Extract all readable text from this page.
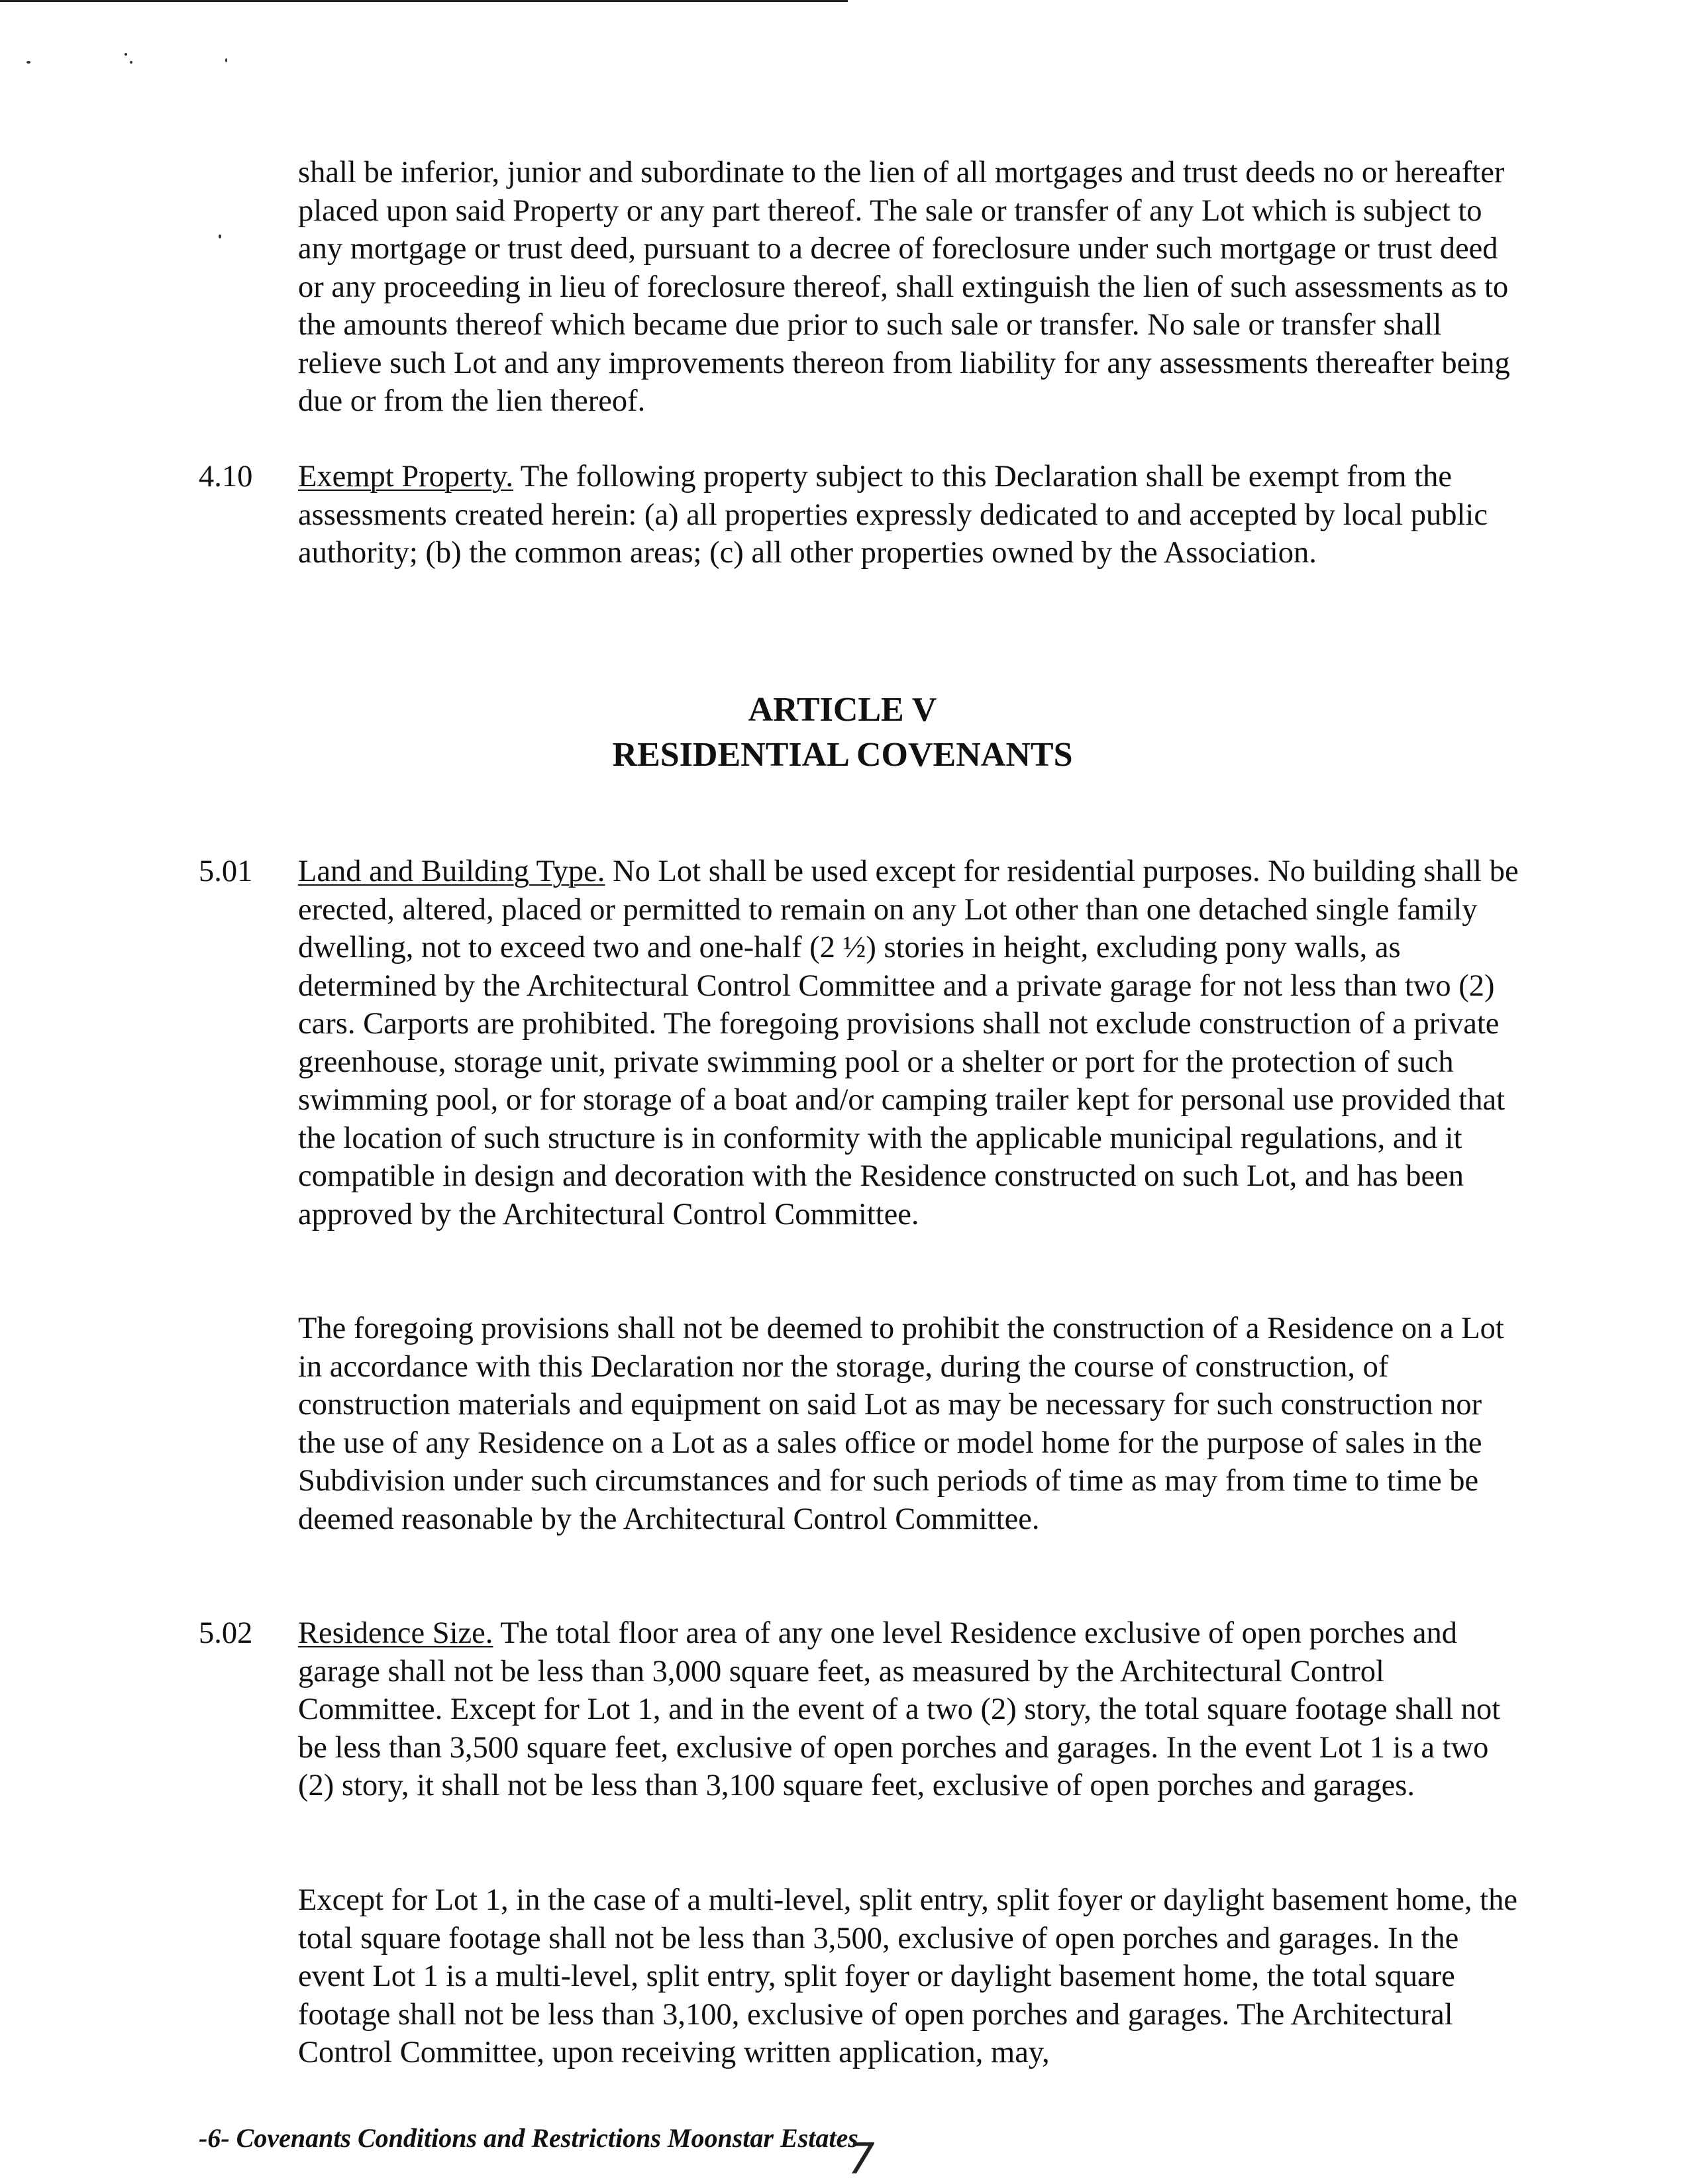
shall be inferior, junior and subordinate to the lien of all mortgages and trust deeds no or hereafter placed upon said Property or any part thereof. The sale or transfer of any Lot which is subject to any mortgage or trust deed, pursuant to a decree of foreclosure under such mortgage or trust deed or any proceeding in lieu of foreclosure thereof, shall extinguish the lien of such assessments as to the amounts thereof which became due prior to such sale or transfer. No sale or transfer shall relieve such Lot and any improvements thereon from liability for any assessments thereafter being due or from the lien thereof.

4.10 Exempt Property. The following property subject to this Declaration shall be exempt from the assessments created herein: (a) all properties expressly dedicated to and accepted by local public authority; (b) the common areas; (c) all other properties owned by the Association.

ARTICLE V
RESIDENTIAL COVENANTS

5.01 Land and Building Type. No Lot shall be used except for residential purposes. No building shall be erected, altered, placed or permitted to remain on any Lot other than one detached single family dwelling, not to exceed two and one-half (2 ½) stories in height, excluding pony walls, as determined by the Architectural Control Committee and a private garage for not less than two (2) cars. Carports are prohibited. The foregoing provisions shall not exclude construction of a private greenhouse, storage unit, private swimming pool or a shelter or port for the protection of such swimming pool, or for storage of a boat and/or camping trailer kept for personal use provided that the location of such structure is in conformity with the applicable municipal regulations, and it compatible in design and decoration with the Residence constructed on such Lot, and has been approved by the Architectural Control Committee.

The foregoing provisions shall not be deemed to prohibit the construction of a Residence on a Lot in accordance with this Declaration nor the storage, during the course of construction, of construction materials and equipment on said Lot as may be necessary for such construction nor the use of any Residence on a Lot as a sales office or model home for the purpose of sales in the Subdivision under such circumstances and for such periods of time as may from time to time be deemed reasonable by the Architectural Control Committee.

5.02 Residence Size. The total floor area of any one level Residence exclusive of open porches and garage shall not be less than 3,000 square feet, as measured by the Architectural Control Committee. Except for Lot 1, and in the event of a two (2) story, the total square footage shall not be less than 3,500 square feet, exclusive of open porches and garages. In the event Lot 1 is a two (2) story, it shall not be less than 3,100 square feet, exclusive of open porches and garages.

Except for Lot 1, in the case of a multi-level, split entry, split foyer or daylight basement home, the total square footage shall not be less than 3,500, exclusive of open porches and garages. In the event Lot 1 is a multi-level, split entry, split foyer or daylight basement home, the total square footage shall not be less than 3,100, exclusive of open porches and garages. The Architectural Control Committee, upon receiving written application, may,

-6- Covenants Conditions and Restrictions Moonstar Estates

7
